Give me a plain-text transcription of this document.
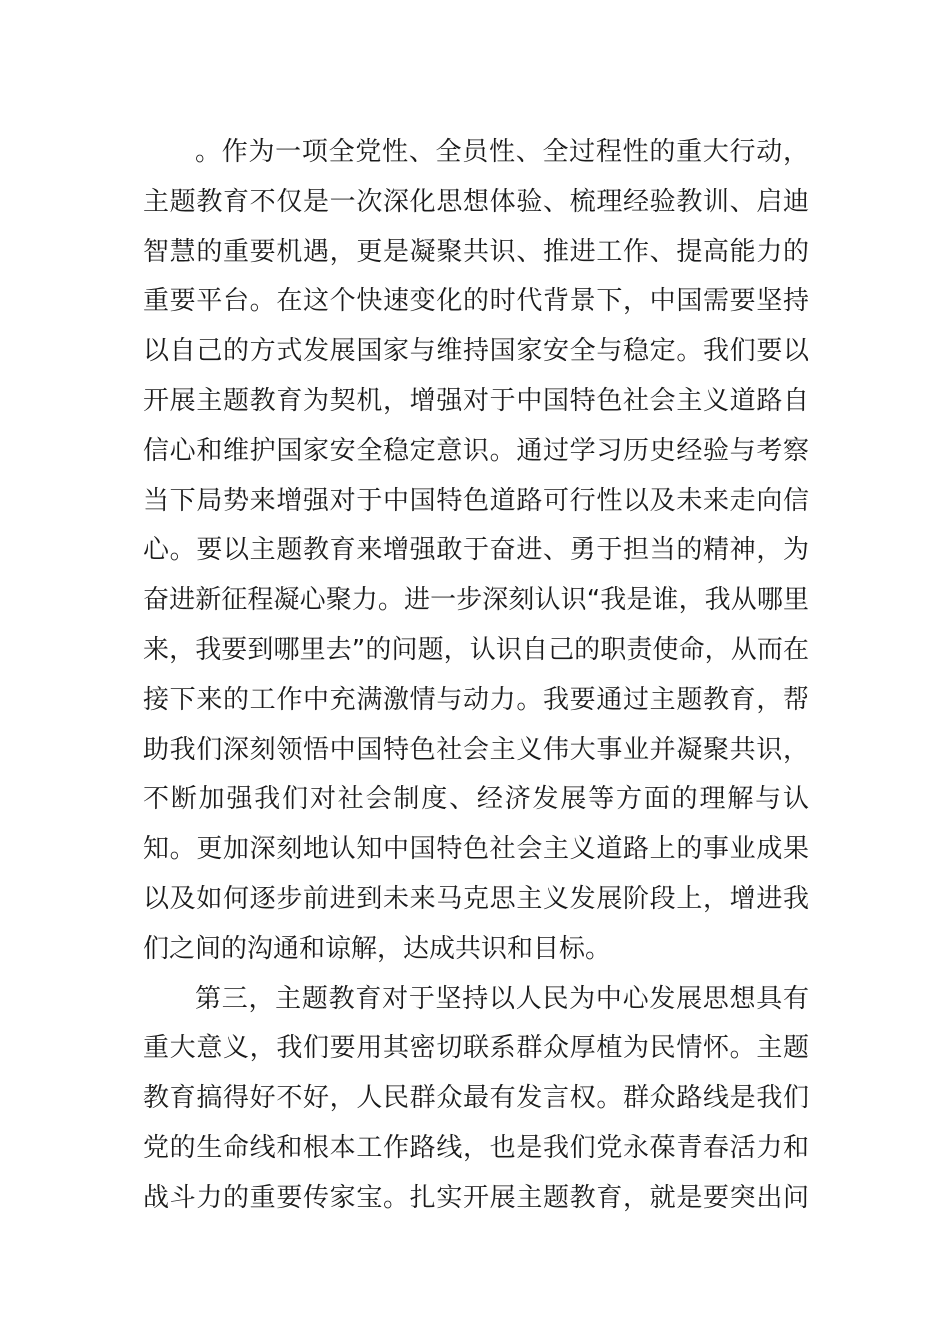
。作为一项全党性、全员性、全过程性的重大行动，
主题教育不仅是一次深化思想体验、梳理经验教训、启迪
智慧的重要机遇，更是凝聚共识、推进工作、提高能力的
重要平台。在这个快速变化的时代背景下，中国需要坚持
以自己的方式发展国家与维持国家安全与稳定。我们要以
开展主题教育为契机，增强对于中国特色社会主义道路自
信心和维护国家安全稳定意识。通过学习历史经验与考察
当下局势来增强对于中国特色道路可行性以及未来走向信
心。要以主题教育来增强敢于奋进、勇于担当的精神，为
奋进新征程凝心聚力。进一步深刻认识“我是谁，我从哪里
来，我要到哪里去”的问题，认识自己的职责使命，从而在
接下来的工作中充满激情与动力。我要通过主题教育，帮
助我们深刻领悟中国特色社会主义伟大事业并凝聚共识，
不断加强我们对社会制度、经济发展等方面的理解与认
知。更加深刻地认知中国特色社会主义道路上的事业成果
以及如何逐步前进到未来马克思主义发展阶段上，增进我
们之间的沟通和谅解，达成共识和目标。

第三，主题教育对于坚持以人民为中心发展思想具有
重大意义，我们要用其密切联系群众厚植为民情怀。主题
教育搞得好不好，人民群众最有发言权。群众路线是我们
党的生命线和根本工作路线，也是我们党永葆青春活力和
战斗力的重要传家宝。扎实开展主题教育，就是要突出问
